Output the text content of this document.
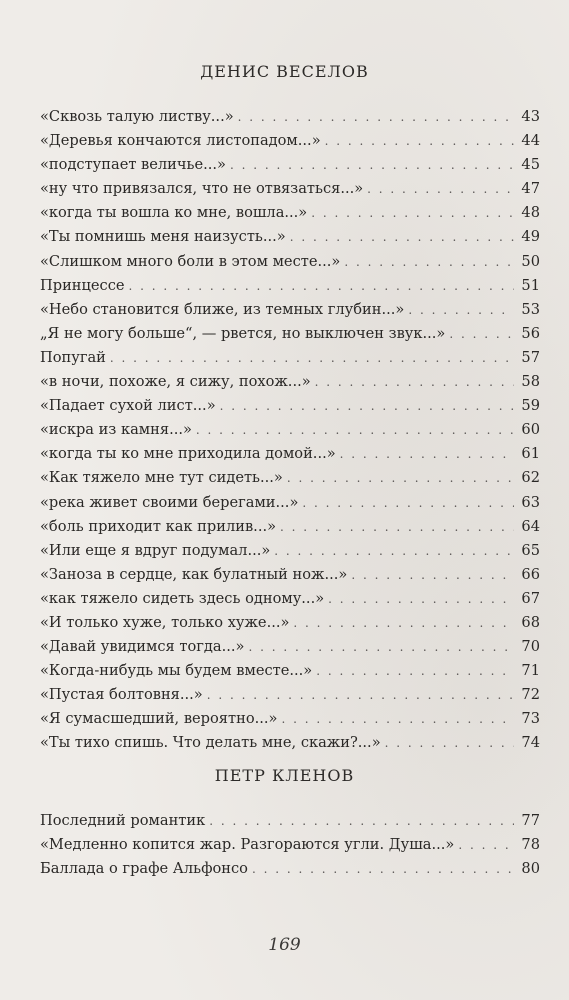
ДЕНИС ВЕСЕЛОВ
«Сквозь талую листву...» . . .	43
«Деревья кончаются листопадом...» . . .	44
«подступает величье...» . . .	45
«ну что привязался, что не отвязаться...» . . .	47
«когда ты вошла ко мне, вошла...» . . .	48
«Ты помнишь меня наизусть...» . . .	49
«Слишком много боли в этом месте...» . . .	50
Принцессе . . .	51
«Небо становится ближе, из темных глубин...» . . .	53
„Я не могу больше“, — рвется, но выключен звук...» . . .	56
Попугай . . .	57
«в ночи, похоже, я сижу, похож...» . . .	58
«Падает сухой лист...» . . .	59
«искра из камня...» . . .	60
«когда ты ко мне приходила домой...» . . .	61
«Как тяжело мне тут сидеть...» . . .	62
«река живет своими берегами...» . . .	63
«боль приходит как прилив...» . . .	64
«Или еще я вдруг подумал...» . . .	65
«Заноза в сердце, как булатный нож...» . . .	66
«как тяжело сидеть здесь одному...» . . .	67
«И только хуже, только хуже...» . . .	68
«Давай увидимся тогда...» . . .	70
«Когда-нибудь мы будем вместе...» . . .	71
«Пустая болтовня...» . . .	72
«Я сумасшедший, вероятно...» . . .	73
«Ты тихо спишь. Что делать мне, скажи?...» . . .	74
ПЕТР КЛЕНОВ
Последний романтик . . .	77
«Медленно копится жар. Разгораются угли. Душа...» . . .	78
Баллада о графе Альфонсо . . .	80
169
